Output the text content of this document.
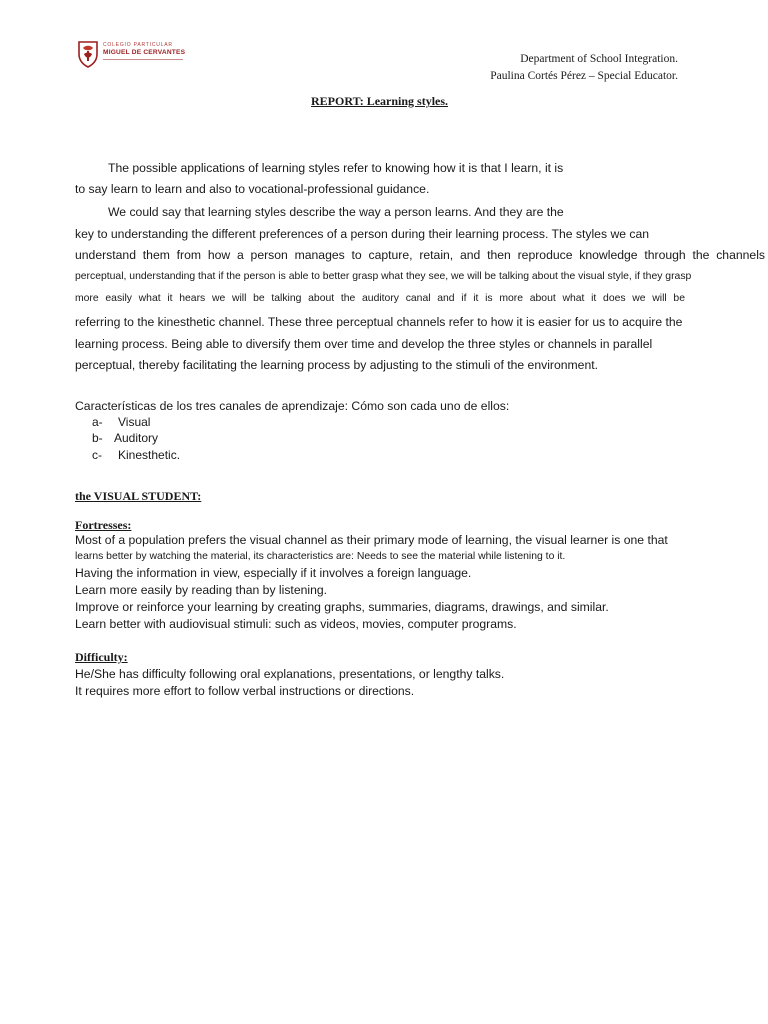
COLEGIO PARTICULAR
MIGUEL DE CERVANTES
Department of School Integration.
Paulina Cortés Pérez – Special Educator.
REPORT: Learning styles.
The possible applications of learning styles refer to knowing how it is that I learn, it is
to say learn to learn and also to vocational-professional guidance.
We could say that learning styles describe the way a person learns. And they are the
key to understanding the different preferences of a person during their learning process. The styles we can
understand them from how a person manages to capture, retain, and then reproduce knowledge through the channels
perceptual, understanding that if the person is able to better grasp what they see, we will be talking about the visual style, if they grasp
more easily what it hears we will be talking about the auditory canal and if it is more about what it does we will be
referring to the kinesthetic channel. These three perceptual channels refer to how it is easier for us to acquire the
learning process. Being able to diversify them over time and develop the three styles or channels in parallel
perceptual, thereby facilitating the learning process by adjusting to the stimuli of the environment.
Características de los tres canales de aprendizaje: Cómo son cada uno de ellos:
a- Visual
b- Auditory
c- Kinesthetic.
the VISUAL STUDENT:
Fortresses:
Most of a population prefers the visual channel as their primary mode of learning, the visual learner is one that
learns better by watching the material, its characteristics are: Needs to see the material while listening to it.
Having the information in view, especially if it involves a foreign language.
Learn more easily by reading than by listening.
Improve or reinforce your learning by creating graphs, summaries, diagrams, drawings, and similar.
Learn better with audiovisual stimuli: such as videos, movies, computer programs.
Difficulty:
He/She has difficulty following oral explanations, presentations, or lengthy talks.
It requires more effort to follow verbal instructions or directions.
